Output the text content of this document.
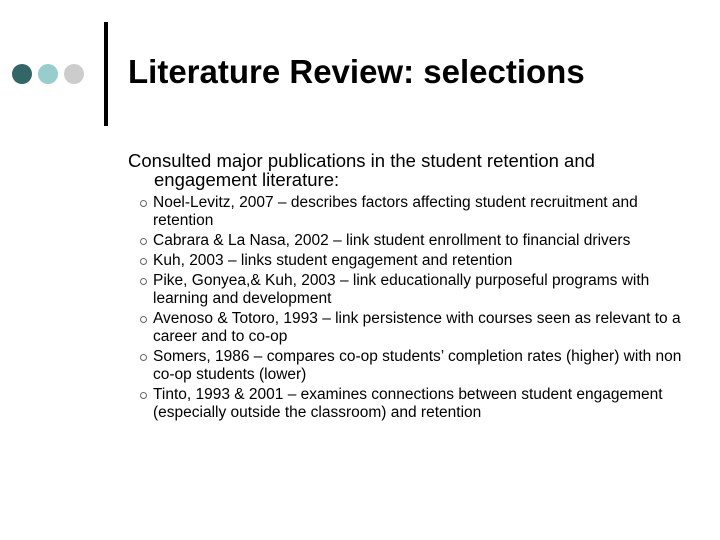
Literature Review: selections

Consulted major publications in the student retention and engagement literature:

Noel-Levitz, 2007 – describes factors affecting student recruitment and retention
Cabrara & La Nasa, 2002 – link student enrollment to financial drivers
Kuh, 2003 – links student engagement and retention
Pike, Gonyea,& Kuh, 2003 – link educationally purposeful programs with learning and development
Avenoso & Totoro, 1993 – link persistence with courses seen as relevant to a career and to co-op
Somers, 1986 – compares co-op students’ completion rates (higher) with non co-op students (lower)
Tinto, 1993 & 2001 – examines connections between student engagement (especially outside the classroom) and retention
